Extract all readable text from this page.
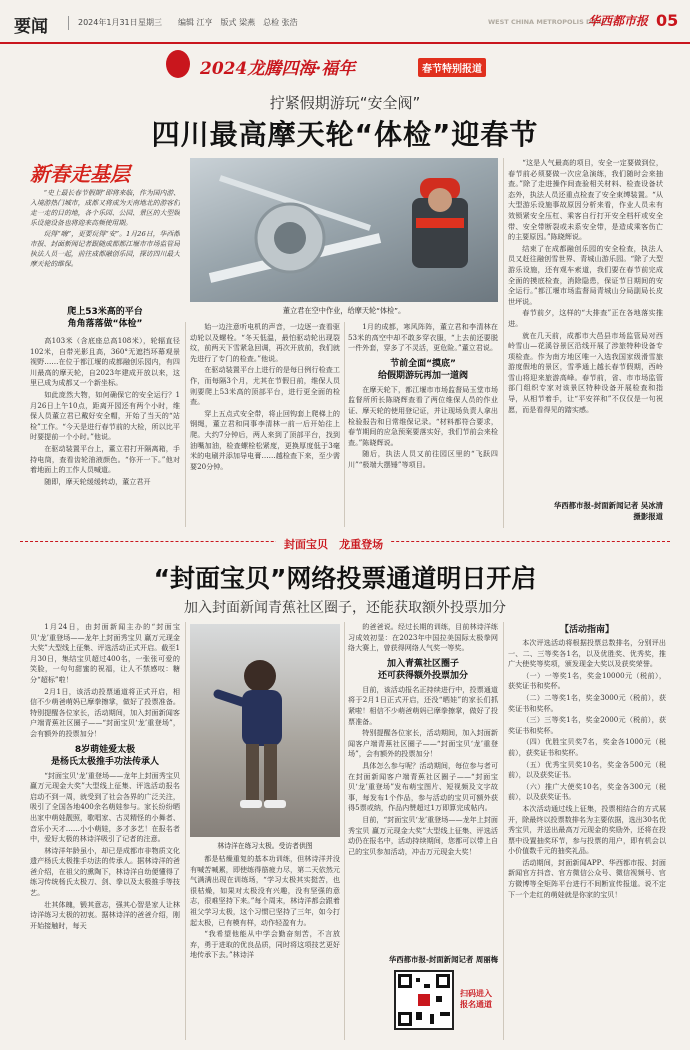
要闻	2024年1月31日 星期三 编辑 江亨　版式 梁燕　总检 张浩	WEST CHINA METROPOLIS DAILY
华西都市报 05
2024龙腾四海·福年	春节特别报道
拧紧假期游玩“安全阀”
四川最高摩天轮“体检”迎春节
新春走基层

“史上最长春节假期”即将来临，作为国内游、入境游热门城市，成都又将成为天南地北的游客们走一走的目的地，各个乐园、公园、景区的大型娱乐设施设备也将迎来高频使用期。

玩得“嗨”，更要玩得“安”。1月26日，华西都市报、封面新闻记者跟随成都都江堰市市场监管局执法人员一起，前往成都融创乐园，探访四川最大摩天轮的维保。

爬上53米高的平台
角角落落做“体检”

高103米（含底座总高108米），轮辐直径102米，自带光影且高，360°无遮挡环幕观景视野……在位于都江堰的成都融创乐园内，有四川最高的摩天轮，自2023年建成开放以来，这里已成为成都又一个新坐标。

如此庞然大物，如何确保它的安全运行？1月26日上午10点，距离开园还有两个小时，维保人员董立君已戴好安全帽，开始了当天的“站检”工作。“今天是进行春节前的大检，所以比平时要提前一个小时。”他说。

在驱动装置平台上，董立君打开隔离箱，手持电筒，查看齿轮油液颜色。“你开一下。”他对着地面上的工作人员喊道。

随即，摩天轮缓缓转动，董立君开

董立君在空中作业，给摩天轮“体检”。

始一边注意听电机的声音，一边逐一查看驱动轮以及螺栓。“冬天低温，最怕驱动轮出现裂纹，前两天下雪紧急回调，再次开放前，我们就先进行了专门的检查。”他说。

在驱动装置平台上进行的是每日例行检查工作，而每隔3个月，尤其在节假日前，维保人员则要爬上53米高的顶部平台，进行更全面的检查。

穿上五点式安全带，将止回钩套上爬梯上的钢绳，董立君和同事李清林一前一后开始往上爬。大约7分钟后，两人来到了顶部平台，找到油嘴加油，检查螺栓松紧度，更换厚度低于3毫米的电刷并添加导电膏……越检查下来，至少需要20分钟。

1月的成都，寒风阵阵，董立君和李清林在53米的高空中却不敢多穿衣服，“上去前还要脱一件外套，穿多了不灵活，更危险。”董立君说。

节前全面“摸底”
给假期游玩再加一道阀

在摩天轮下，都江堰市市场监督局玉堂市场监督所所长陈晓辉查看了两位维保人员的作业证、摩天轮的使用登记证，并让现场负责人拿出检验报告和日常维保记录。“材料都符合要求，春节期间的应急预案要落实好，我们节前会来检查。”陈晓辉说。

随后，执法人员又前往园区里的“飞跃四川”“极端大摆锤”等项目。

“这是人气最高的项目，安全一定要做到位，春节前必须要做一次应急演练，我们随时会来抽查。”除了走进操作间查验相关材料、检查设备状态外，执法人员还重点检查了安全束缚装置。“从大型游乐设施事故原因分析来看，作业人员未有效锁紧安全压杠、乘客自行打开安全档杆或安全带、安全带断裂或未系安全带，是造成乘客伤亡的主要原因。”陈晓辉说。

结束了在成都融创乐园的安全检查，执法人员又赶往融创雪世界、青城山游乐园。“除了大型游乐设施，还有观车索道，我们要在春节前完成全面的摸底检查，消除隐患，保证节日期间的安全运行。”都江堰市场监督局青城山分局副局长皮世坪说。

春节前夕，这样的“大排查”正在各地落实推进。

就在几天前，成都市大邑县市场监管局对西岭雪山—花溪谷景区沿线开展了涉旅特种设备专项检查。作为南方地区唯一入选我国家级滑雪旅游度假地的景区，雪季通上越长春节假期，西岭雪山将迎来旅游高峰。春节前，省、市市场监管部门组织专家对该景区特种设备开展检查和指导，从相节着手，让“平安祥和”不仅仅是一句祝愿，而是看得见的踏实感。

华西都市报-封面新闻记者 吴冰清
摄影报道
封面宝贝 龙重登场
“封面宝贝”网络投票通道明日开启
加入封面新闻青蕉社区圈子，还能获取额外投票加分

1月24日，由封面新闻主办的“封面宝贝‘龙’重登场——龙年上封面秀宝贝 赢万元现金大奖”大型线上征集、评选活动正式开启。截至1月30日，集结宝贝超过400名，一张张可爱的笑脸，一句句甜蜜的祝福，让人不禁感叹：糖分“超标”啦！

2月1日，该活动投票通道将正式开启，相信不少萌爸萌妈已摩拳擦掌，做好了投票准备。特别提醒各位家长，活动期间，加入封面新闻客户端青蕉社区圈子——“封面宝贝‘龙’重登场”，会有额外的投票加分！

8岁萌娃爱太极
是杨氏太极推手功法传承人

“封面宝贝‘龙’重登场——龙年上封面秀宝贝 赢万元现金大奖”大型线上征集、评选活动报名启动不到一周，就受到了社会各界的广泛关注，吸引了全国各地400余名萌娃参与。家长纷纷晒出家中萌娃靓照，歌唱家、古灵精怪的小舞者、音乐小天才……小小萌娃，多才多艺！在报名者中，爱好太极的林诗洋吸引了记者的注意。

林诗洋年龄虽小，却已是成都市非物质文化遗产杨氏太极推手功法的传承人。据林诗洋的爸爸介绍，在祖父的熏陶下，林诗洋自幼便懂得了练习传统杨氏太极刀、剑、拳以及太极推手等技艺。

壮其体魄，锻其意志，强其心智是家人让林诗洋练习太极的初衷。据林诗洋的爸爸介绍，刚开始接触时，每天

林诗洋在练习太极。受访者供图

都是枯燥重复的基本功训练，但林诗洋并没有喊苦喊累，即使练得筋疲力尽，第二天依然元气满满出现在训练场，“学习太极其实挺苦，也很枯燥，如果对太极没有兴趣，没有坚强的意志，很难坚持下来。”每个周末，林诗洋都会跟着祖父学习太极，这个习惯已坚持了三年，如今打起太极，已有模有样，动作轻盈有力。

“我希望他能从中学会勤奋刻苦，不言放弃，勇于进取的优良品质，同时将这项技艺更好地传承下去。”林诗洋

的爸爸说。经过长期的训练，目前林诗洋练习成效初显：在2023年中国拉美国际太极拳网络大赛上，曾获得网络人气奖一等奖。

加入青蕉社区圈子
还可获得额外投票加分

目前，该活动报名正持续进行中，投票通道将于2月1日正式开启，还没“晒娃”的家长们抓紧啦！相信不少萌爸萌妈已摩拳擦掌，做好了投票准备。

特别提醒各位家长，活动期间，加入封面新闻客户端青蕉社区圈子——“封面宝贝‘龙’重登场”，会有额外的投票加分！

具体怎么参与呢？活动期间，每位参与者可在封面新闻客户端青蕉社区圈子——“封面宝贝‘龙’重登场”发布萌宝图片、短视频及文字故事，每发布1个作品，参与活动的宝贝可额外获得5票或纳，作品内赞超过1万即算完成帖内。

目前，“封面宝贝‘龙’重登场——龙年上封面秀宝贝 赢万元现金大奖”大型线上征集、评选活动仍在报名中，活动持续期间，您都可以带上自己的宝贝参加活动，冲击万元现金大奖！

华西都市报-封面新闻记者 周丽梅
扫码进入
报名通道
【活动指南】

本次评选活动将根据投票总数排名，分别评出一、二、三等奖各1名，以及优胜奖、优秀奖，推广大使奖等奖项，颁发现金大奖以及获奖荣誉。

（一）一等奖1名，奖金10000元（税前），获奖证书和奖杯。

（二）二等奖1名，奖金3000元（税前），获奖证书和奖杯。

（三）三等奖1名，奖金2000元（税前），获奖证书和奖杯。

（四）优胜宝贝奖7名，奖金各1000元（税前），获奖证书和奖杯。

（五）优秀宝贝奖10名，奖金各500元（税前），以及获奖证书。

（六）推广大使奖10名，奖金各300元（税前），以及获奖证书。

本次活动通过线上征集，投票相结合的方式展开，除最终以投票数排名为主要依据，选出30名优秀宝贝，并送出最高万元现金的奖励外，还将在投票中设置抽奖环节，参与投票的用户，即有机会以小价值数千元的抽奖礼品。

活动期间，封面新闻APP、华西都市报、封面新闻官方抖音、官方微信公众号、微信视频号、官方微博等全矩阵平台进行不间断宣传报道。说不定下一个走红的萌娃就是你家的宝贝！
